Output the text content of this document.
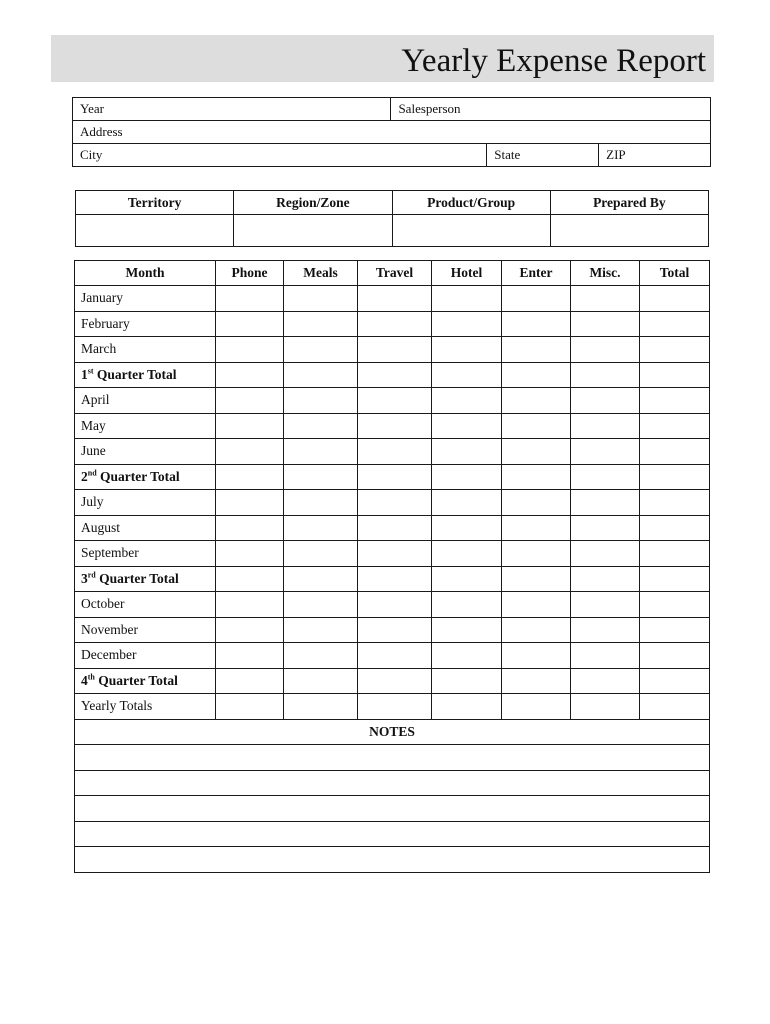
Yearly Expense Report
Year	Salesperson		
Address			
City		State	ZIP
Territory	Region/Zone	Product/Group	Prepared By

Month	Phone	Meals	Travel	Hotel	Enter	Misc.	Total
January							
February							
March							
1st Quarter Total							
April							
May							
June							
2nd Quarter Total							
July							
August							
September							
3rd Quarter Total							
October							
November							
December							
4th Quarter Total							
Yearly Totals							
NOTES							
